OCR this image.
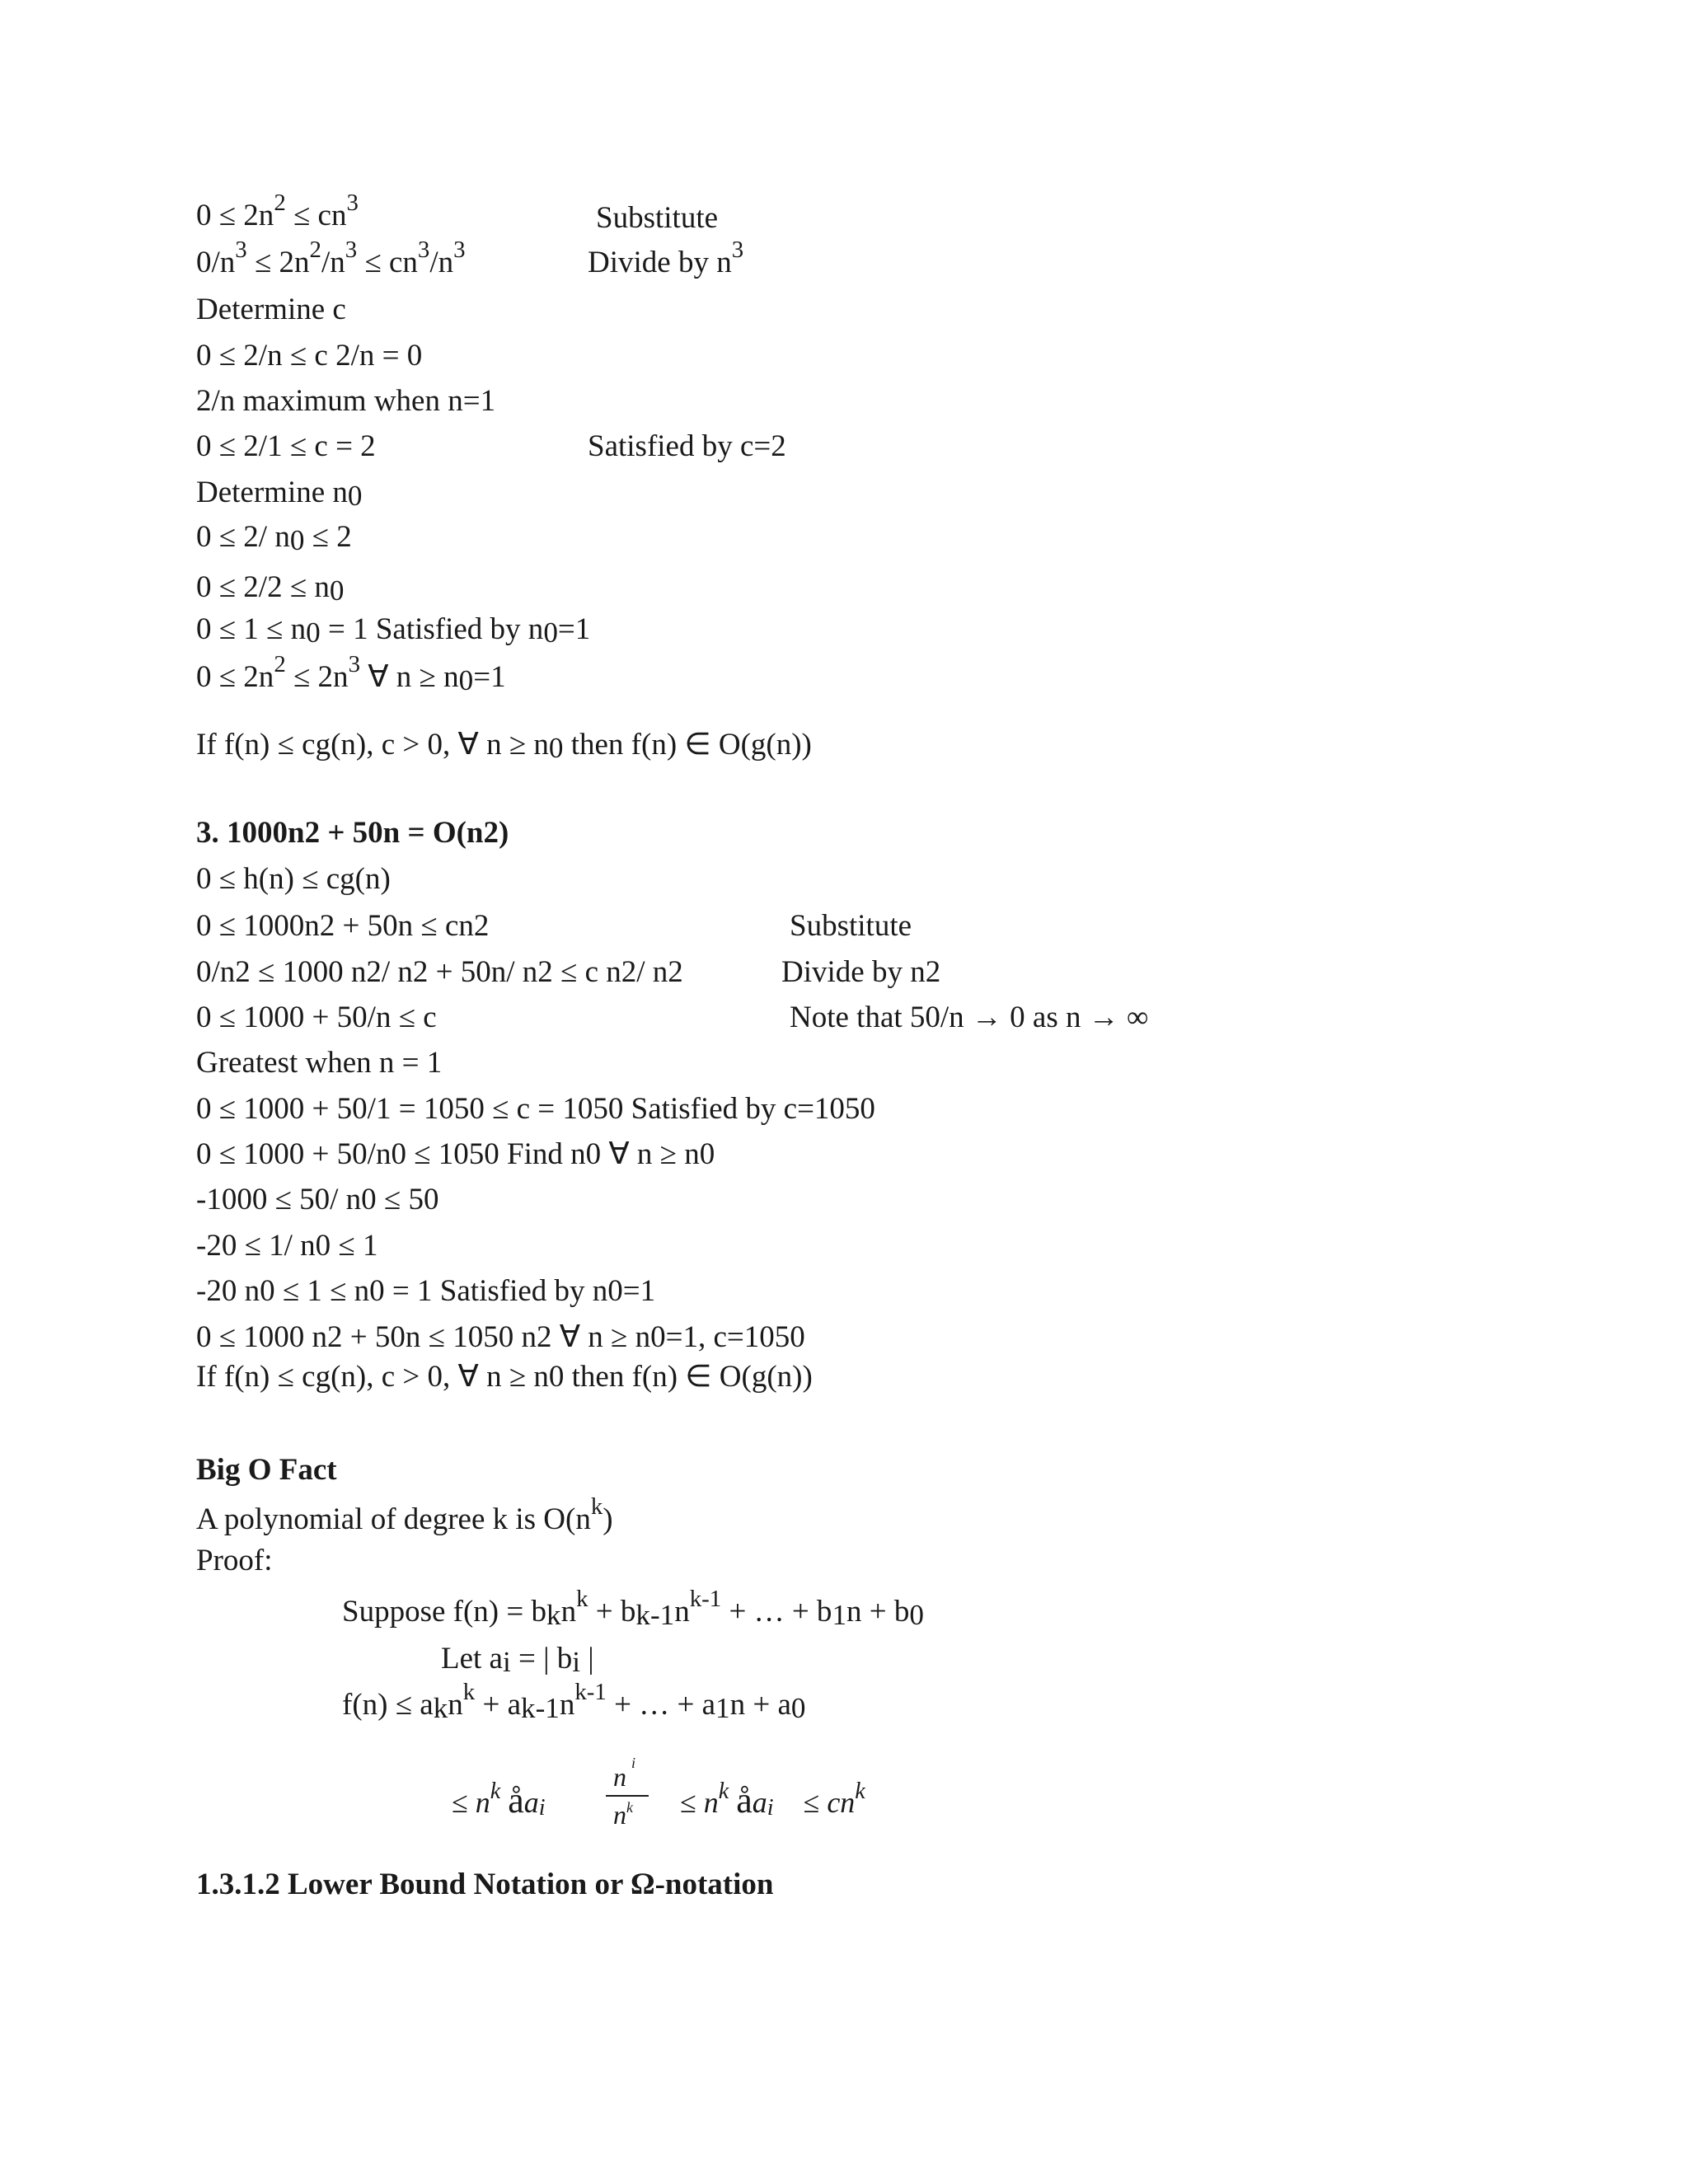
$0 \le 2n^2 \le cn^3$	Substitute
$0/n^3 \le 2n^2/n^3 \le cn^3/n^3$	Divide by $n^3$
Determine c
0 ≤ 2/n ≤ c 2/n = 0
2/n maximum when n=1
0 ≤ 2/1 ≤ c = 2	Satisfied by c=2
Determine n0
0 ≤ 2/ n0 ≤ 2
0 ≤ 2/2 ≤ n0
0 ≤ 1 ≤ n0 = 1 Satisfied by n0=1
$0 \le 2n^2 \le 2n^3$ ∀ n ≥ n0=1
If f(n) ≤ cg(n), c > 0, ∀ n ≥ n0 then f(n) ∈ O(g(n))
3. 1000n2 + 50n = O(n2)
0 ≤ h(n) ≤ cg(n)
0 ≤ 1000n2 + 50n ≤ cn2	Substitute
0/n2 ≤ 1000 n2/ n2 + 50n/ n2 ≤ c n2/ n2	Divide by n2
0 ≤ 1000 + 50/n ≤ c	Note that 50/n → 0 as n → ∞
Greatest when n = 1
0 ≤ 1000 + 50/1 = 1050 ≤ c = 1050 Satisfied by c=1050
0 ≤ 1000 + 50/n0 ≤ 1050 Find n0 ∀ n ≥ n0
-1000 ≤ 50/ n0 ≤ 50
-20 ≤ 1/ n0 ≤ 1
-20 n0 ≤ 1 ≤ n0 = 1 Satisfied by n0=1
0 ≤ 1000 n2 + 50n ≤ 1050 n2 ∀ n ≥ n0=1, c=1050
If f(n) ≤ cg(n), c > 0, ∀ n ≥ n0 then f(n) ∈ O(g(n))
Big O Fact
A polynomial of degree k is $O(n^k)$
Proof:
Suppose $f(n) = bkn^k + bk-1n^{k-1}$ + … + b1n + b0
Let ai = | bi |
$f(n) \le akn^k + ak-1n^{k-1}$ + … + a1n + a0
≤ $n^k$ åai
n $^i$
$n^k \le n^k$ åai ≤ $cn^k$
1.3.1.2 Lower Bound Notation or Ω-notation
